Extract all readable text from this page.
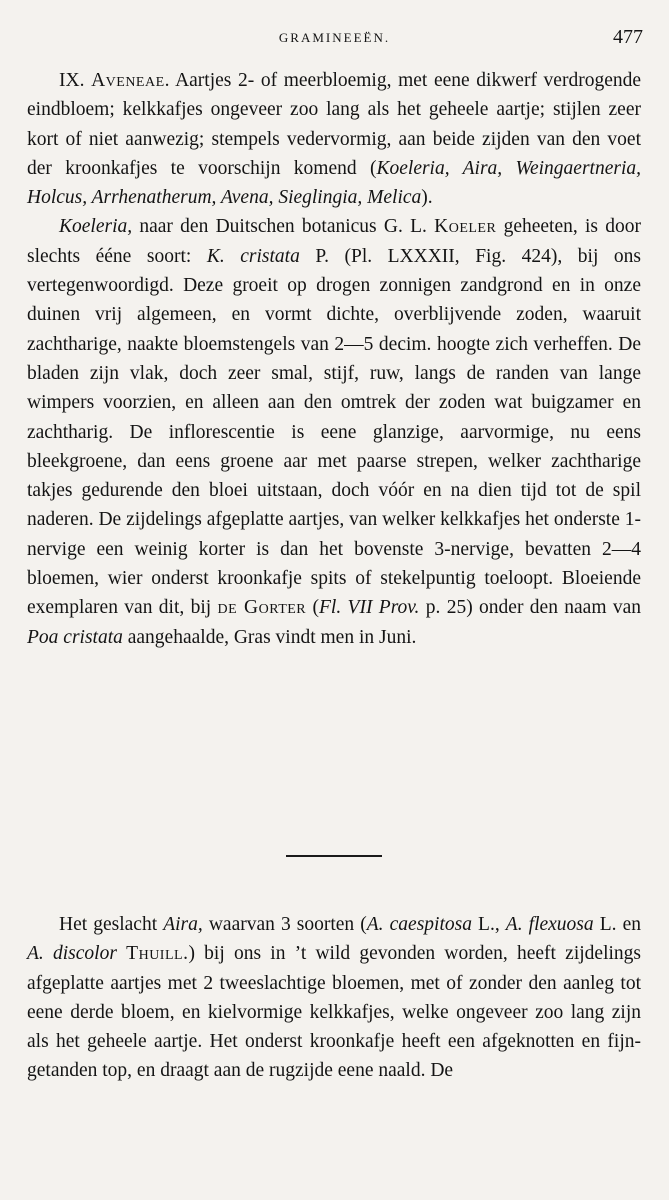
GRAMINEEËN.	477

IX. Aveneae. Aartjes 2- of meerbloemig, met eene dikwerf verdrogende eindbloem; kelkkafjes ongeveer zoo lang als het geheele aartje; stijlen zeer kort of niet aanwezig; stempels vedervormig, aan beide zijden van den voet der kroonkafjes te voorschijn komend (Koeleria, Aira, Weingaertneria, Holcus, Arrhenatherum, Avena, Sieglingia, Melica).

Koeleria, naar den Duitschen botanicus G. L. Koeler geheeten, is door slechts ééne soort: K. cristata P. (Pl. LXXXII, Fig. 424), bij ons vertegenwoordigd. Deze groeit op drogen zonnigen zandgrond en in onze duinen vrij algemeen, en vormt dichte, overblijvende zoden, waaruit zachtharige, naakte bloemstengels van 2—5 decim. hoogte zich verheffen. De bladen zijn vlak, doch zeer smal, stijf, ruw, langs de randen van lange wimpers voorzien, en alleen aan den omtrek der zoden wat buigzamer en zachtharig. De inflorescentie is eene glanzige, aarvormige, nu eens bleekgroene, dan eens groene aar met paarse strepen, welker zachtharige takjes gedurende den bloei uitstaan, doch vóór en na dien tijd tot de spil naderen. De zijdelings afgeplatte aartjes, van welker kelkkafjes het onderste 1-nervige een weinig korter is dan het bovenste 3-nervige, bevatten 2—4 bloemen, wier onderst kroonkafje spits of stekelpuntig toeloopt. Bloeiende exemplaren van dit, bij de Gorter (Fl. VII Prov. p. 25) onder den naam van Poa cristata aangehaalde, Gras vindt men in Juni.

Het geslacht Aira, waarvan 3 soorten (A. caespitosa L., A. flexuosa L. en A. discolor Thuill.) bij ons in ’t wild gevonden worden, heeft zijdelings afgeplatte aartjes met 2 tweeslachtige bloemen, met of zonder den aanleg tot eene derde bloem, en kielvormige kelkkafjes, welke ongeveer zoo lang zijn als het geheele aartje. Het onderst kroonkafje heeft een afgeknotten en fijn-getanden top, en draagt aan de rugzijde eene naald. De
